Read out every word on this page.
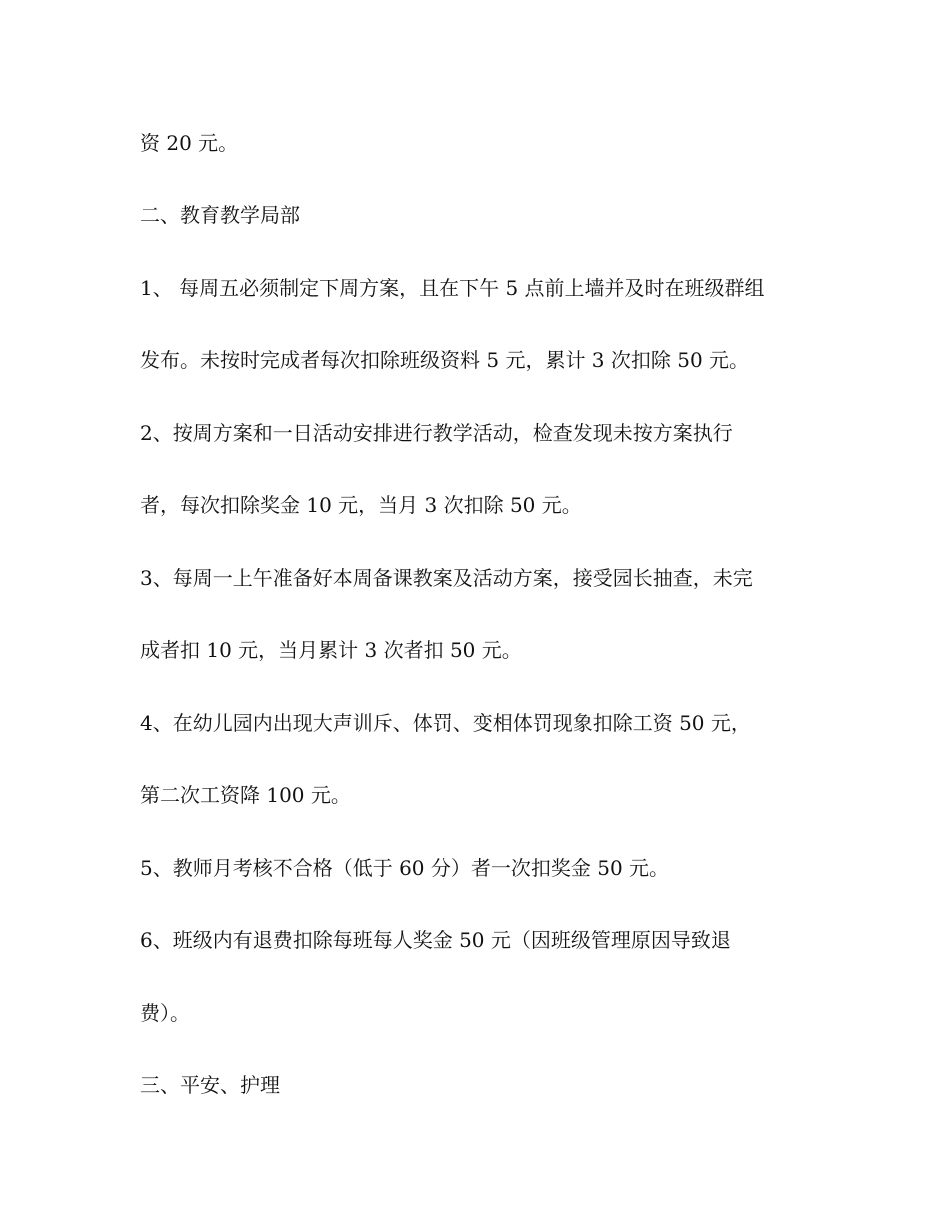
资 20 元。
二、教育教学局部
1、 每周五必须制定下周方案，且在下午 5 点前上墙并及时在班级群组
发布。未按时完成者每次扣除班级资料 5 元，累计 3 次扣除 50 元。
2、按周方案和一日活动安排进行教学活动，检查发现未按方案执行
者，每次扣除奖金 10 元，当月 3 次扣除 50 元。
3、每周一上午准备好本周备课教案及活动方案，接受园长抽查，未完
成者扣 10 元，当月累计 3 次者扣 50 元。
4、在幼儿园内出现大声训斥、体罚、变相体罚现象扣除工资 50 元，
第二次工资降 100 元。
5、教师月考核不合格（低于 60 分）者一次扣奖金 50 元。
6、班级内有退费扣除每班每人奖金 50 元（因班级管理原因导致退
费）。
三、平安、护理
